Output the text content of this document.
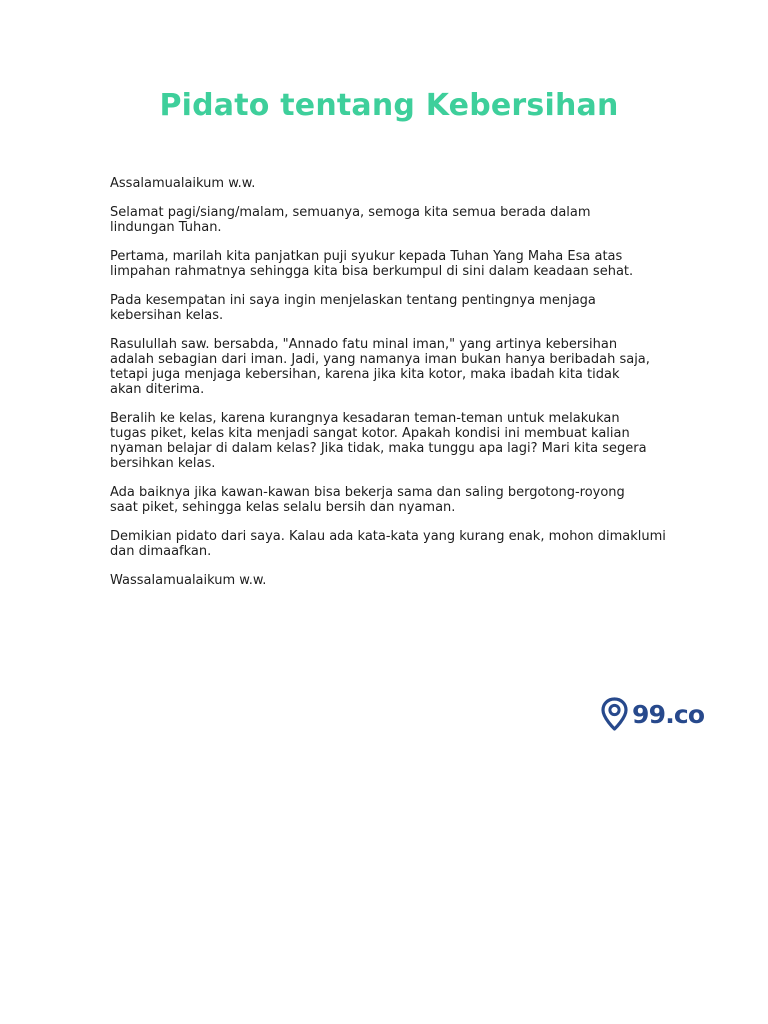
Pidato tentang Kebersihan

Assalamualaikum w.w.

Selamat pagi/siang/malam, semuanya, semoga kita semua berada dalam
lindungan Tuhan.

Pertama, marilah kita panjatkan puji syukur kepada Tuhan Yang Maha Esa atas
limpahan rahmatnya sehingga kita bisa berkumpul di sini dalam keadaan sehat.

Pada kesempatan ini saya ingin menjelaskan tentang pentingnya menjaga
kebersihan kelas.

Rasulullah saw. bersabda, "Annado fatu minal iman," yang artinya kebersihan
adalah sebagian dari iman. Jadi, yang namanya iman bukan hanya beribadah saja,
tetapi juga menjaga kebersihan, karena jika kita kotor, maka ibadah kita tidak
akan diterima.

Beralih ke kelas, karena kurangnya kesadaran teman-teman untuk melakukan
tugas piket, kelas kita menjadi sangat kotor. Apakah kondisi ini membuat kalian
nyaman belajar di dalam kelas? Jika tidak, maka tunggu apa lagi? Mari kita segera
bersihkan kelas.

Ada baiknya jika kawan-kawan bisa bekerja sama dan saling bergotong-royong
saat piket, sehingga kelas selalu bersih dan nyaman.

Demikian pidato dari saya. Kalau ada kata-kata yang kurang enak, mohon dimaklumi
dan dimaafkan.

Wassalamualaikum w.w.

99.co
